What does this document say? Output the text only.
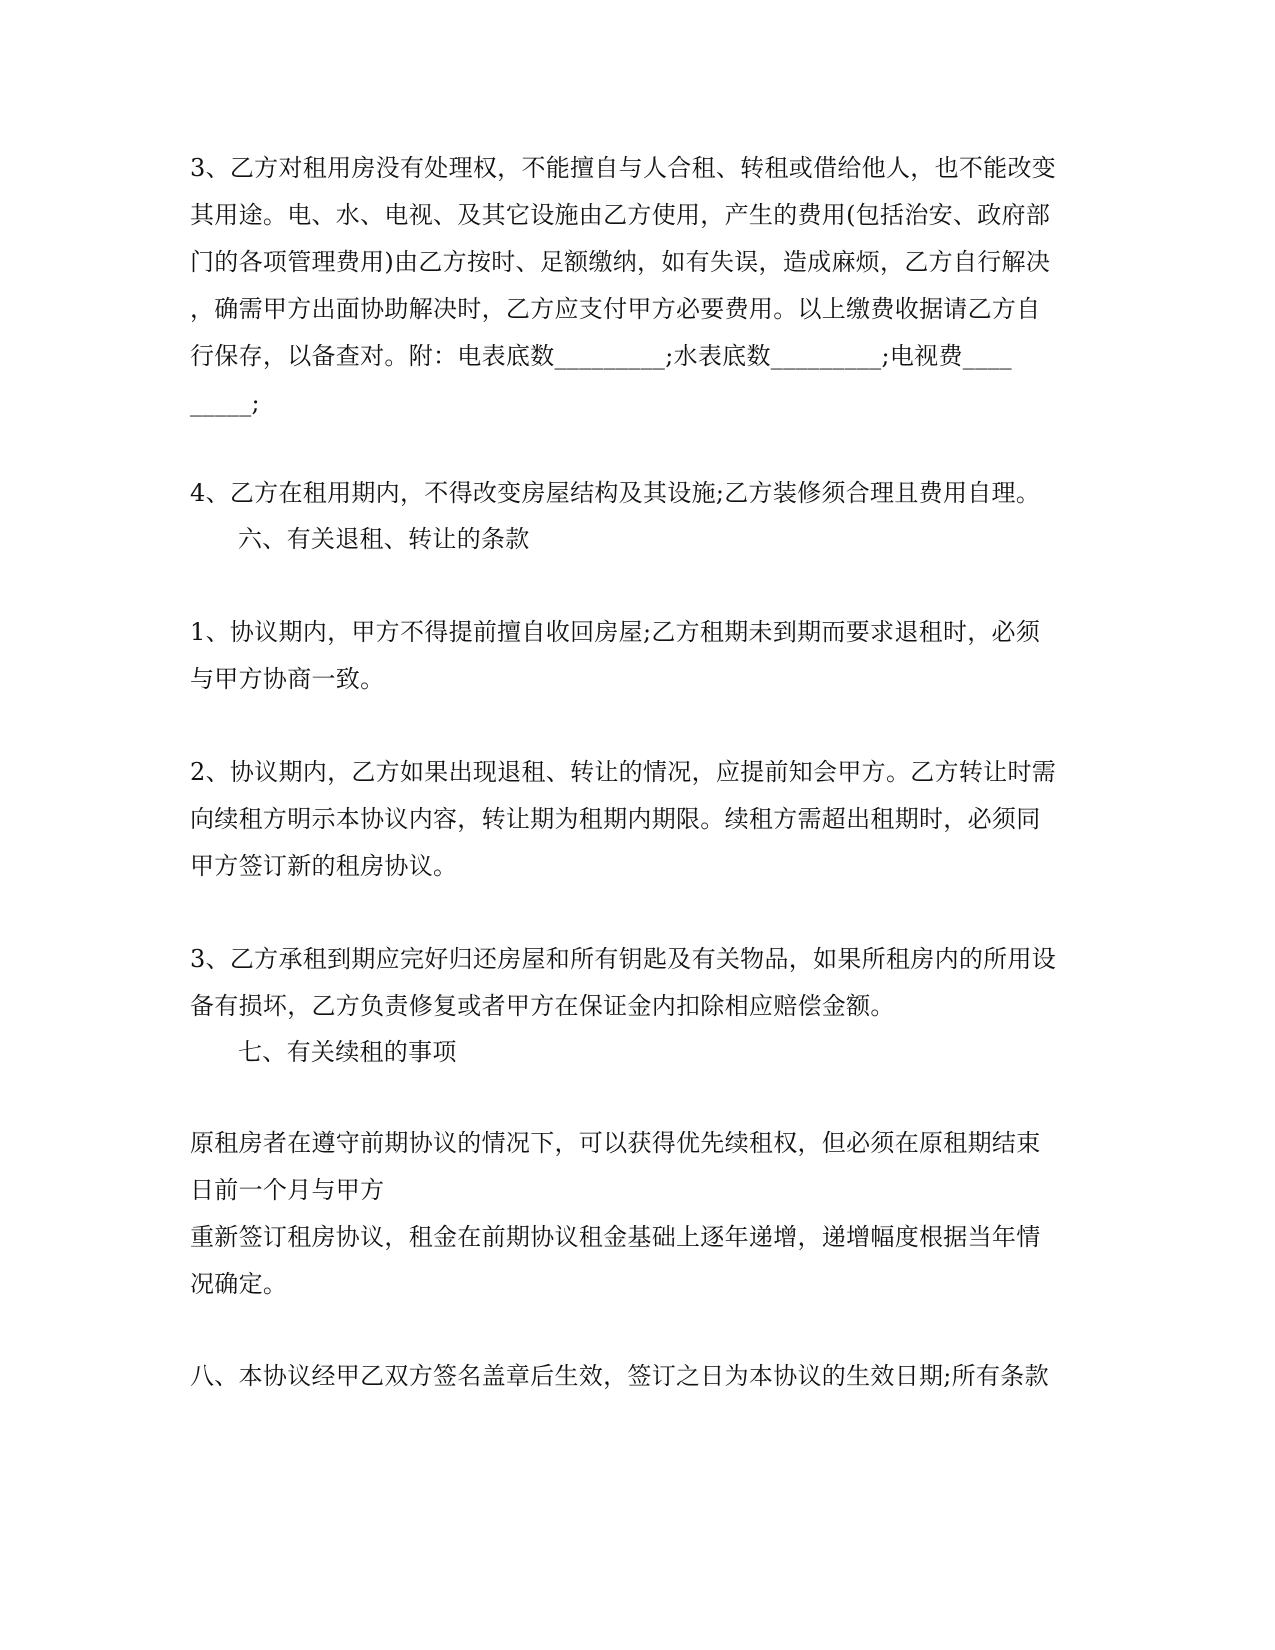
3、乙方对租用房没有处理权，不能擅自与人合租、转租或借给他人，也不能改变
其用途。电、水、电视、及其它设施由乙方使用，产生的费用(包括治安、政府部
门的各项管理费用)由乙方按时、足额缴纳，如有失误，造成麻烦，乙方自行解决
，确需甲方出面协助解决时，乙方应支付甲方必要费用。以上缴费收据请乙方自
行保存，以备查对。附：电表底数_________;水表底数_________;电视费____
_____;
4、乙方在租用期内，不得改变房屋结构及其设施;乙方装修须合理且费用自理。
六、有关退租、转让的条款
1、协议期内，甲方不得提前擅自收回房屋;乙方租期未到期而要求退租时，必须
与甲方协商一致。
2、协议期内，乙方如果出现退租、转让的情况，应提前知会甲方。乙方转让时需
向续租方明示本协议内容，转让期为租期内期限。续租方需超出租期时，必须同
甲方签订新的租房协议。
3、乙方承租到期应完好归还房屋和所有钥匙及有关物品，如果所租房内的所用设
备有损坏，乙方负责修复或者甲方在保证金内扣除相应赔偿金额。
七、有关续租的事项
原租房者在遵守前期协议的情况下，可以获得优先续租权，但必须在原租期结束
日前一个月与甲方
重新签订租房协议，租金在前期协议租金基础上逐年递增，递增幅度根据当年情
况确定。
八、本协议经甲乙双方签名盖章后生效，签订之日为本协议的生效日期;所有条款
